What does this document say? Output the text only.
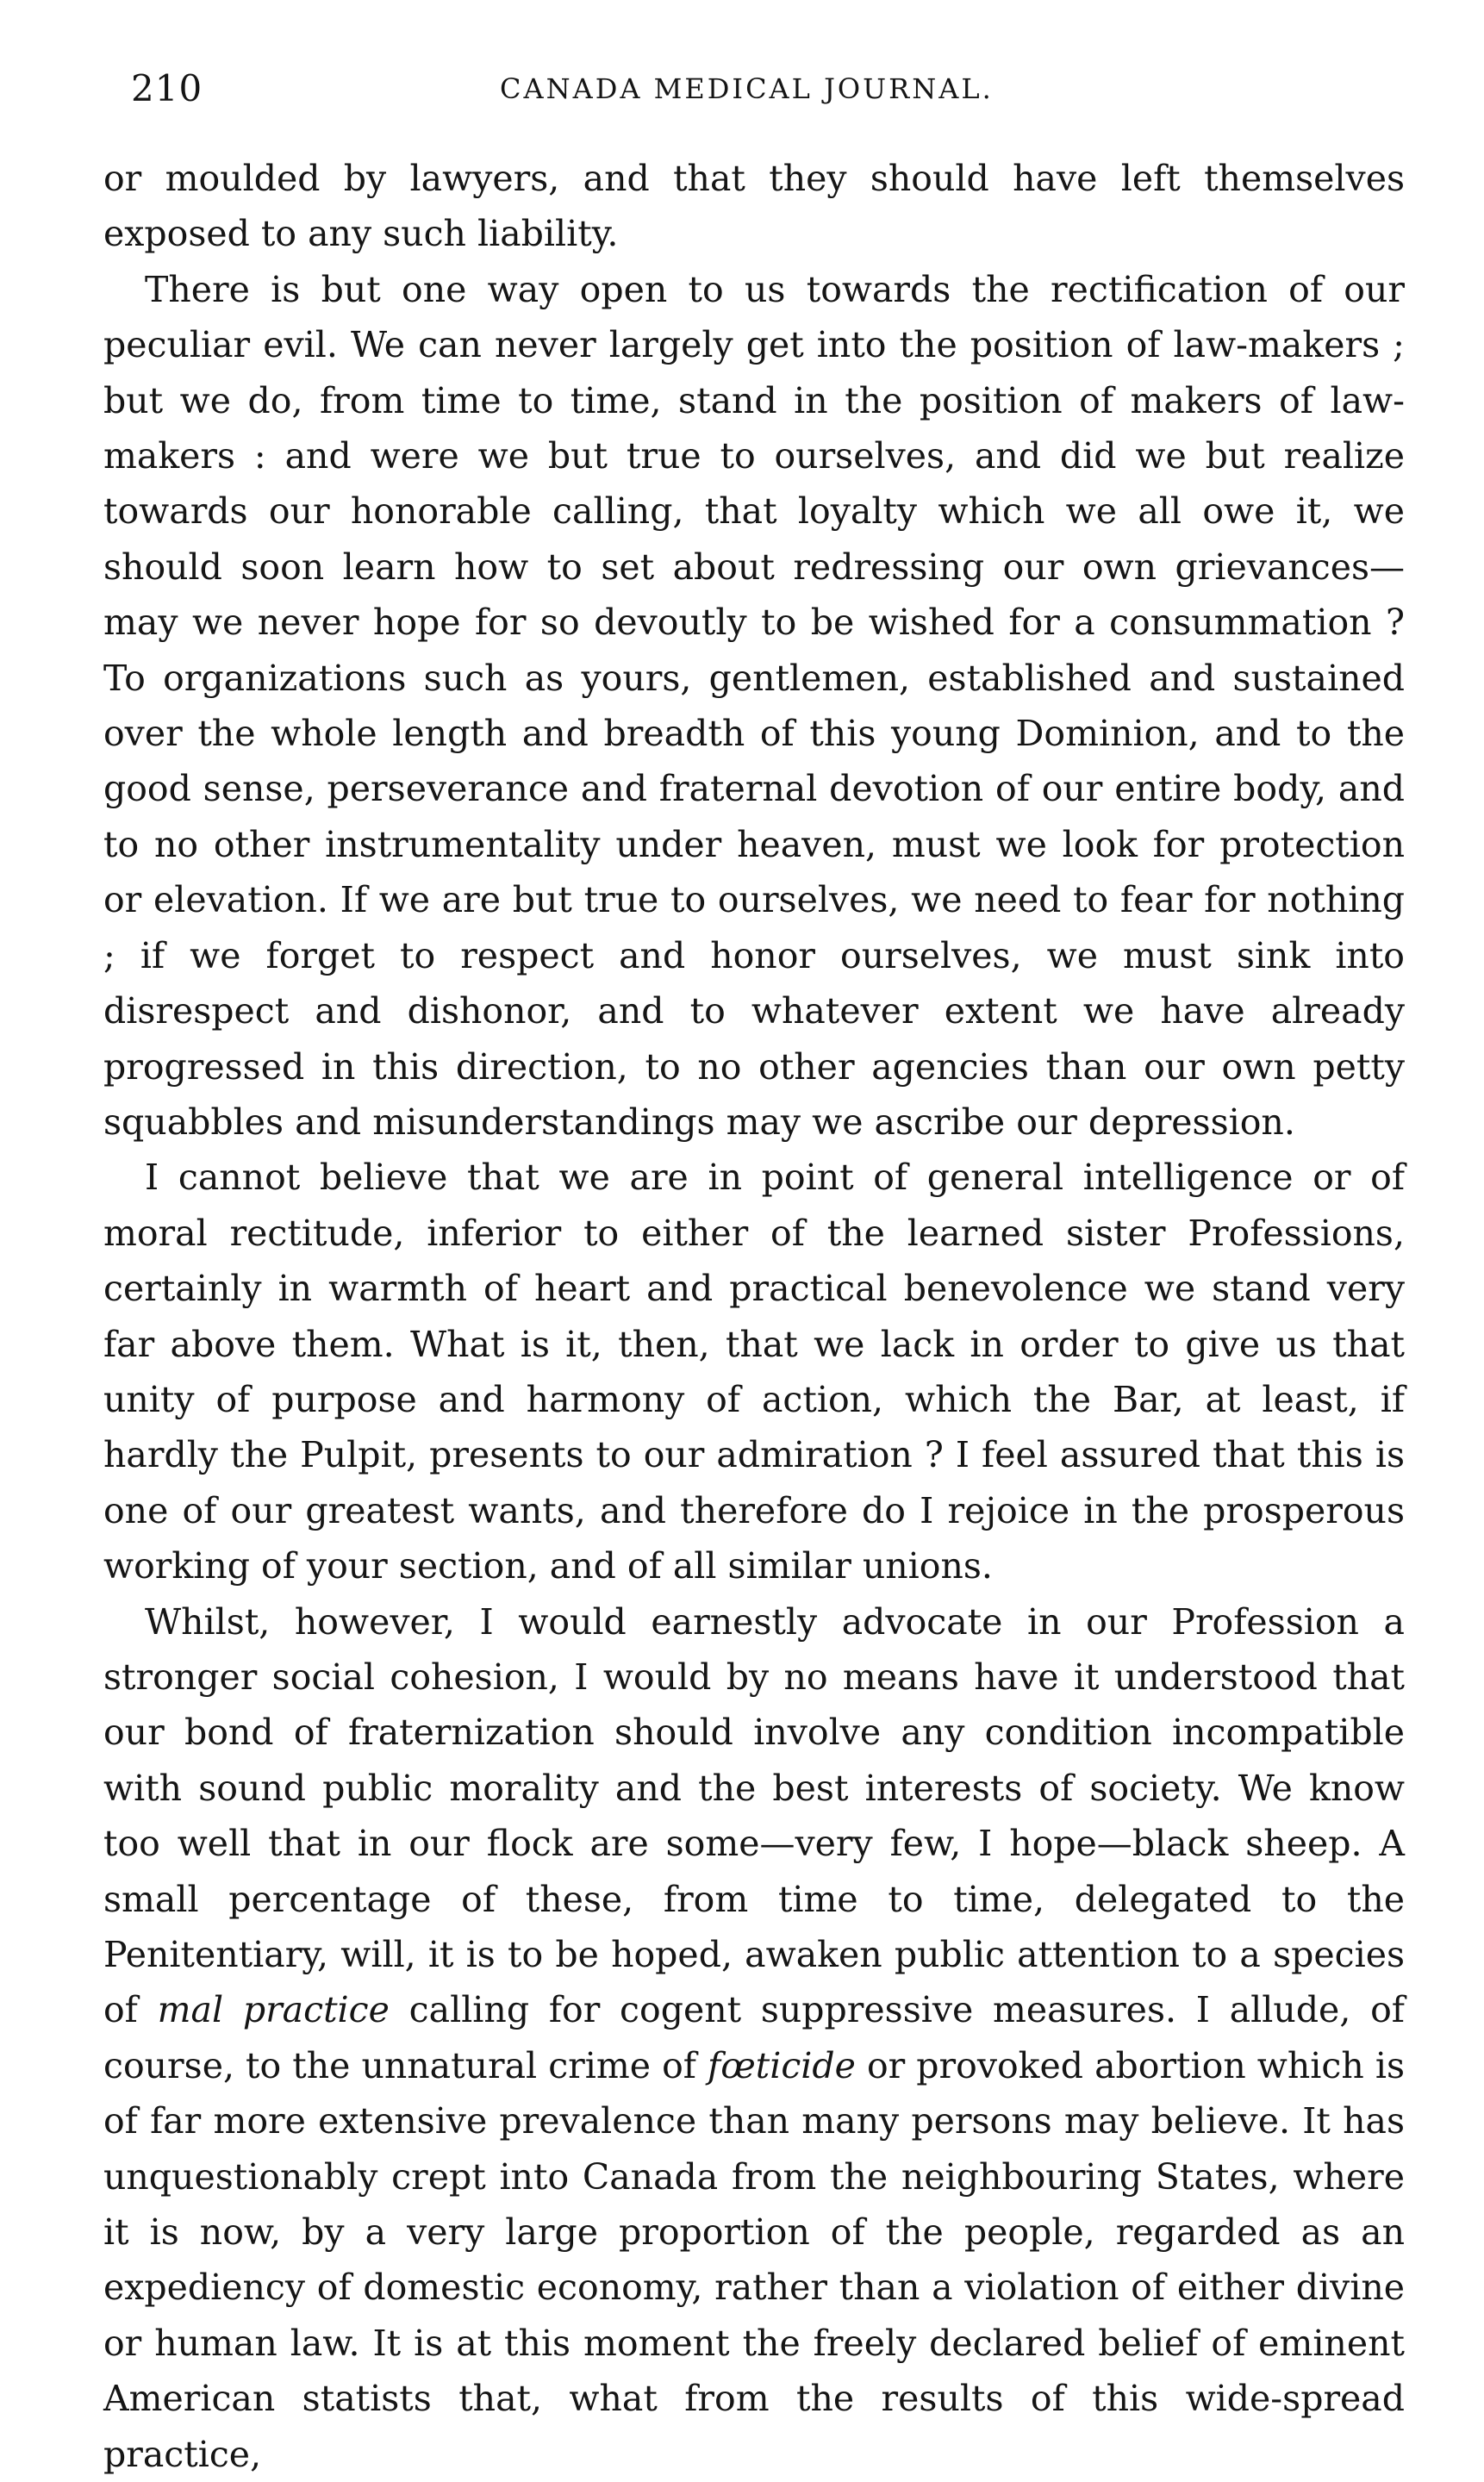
210	CANADA MEDICAL JOURNAL.

or moulded by lawyers, and that they should have left themselves exposed to any such liability.

There is but one way open to us towards the rectification of our peculiar evil. We can never largely get into the position of law-makers ; but we do, from time to time, stand in the position of makers of law-makers : and were we but true to ourselves, and did we but realize towards our honorable calling, that loyalty which we all owe it, we should soon learn how to set about redressing our own grievances—may we never hope for so devoutly to be wished for a consummation ? To organizations such as yours, gentlemen, established and sustained over the whole length and breadth of this young Dominion, and to the good sense, perseverance and fraternal devotion of our entire body, and to no other instrumentality under heaven, must we look for protection or elevation. If we are but true to ourselves, we need to fear for nothing ; if we forget to respect and honor ourselves, we must sink into disrespect and dishonor, and to whatever extent we have already progressed in this direction, to no other agencies than our own petty squabbles and misunderstandings may we ascribe our depression.

I cannot believe that we are in point of general intelligence or of moral rectitude, inferior to either of the learned sister Professions, certainly in warmth of heart and practical benevolence we stand very far above them. What is it, then, that we lack in order to give us that unity of purpose and harmony of action, which the Bar, at least, if hardly the Pulpit, presents to our admiration ? I feel assured that this is one of our greatest wants, and therefore do I rejoice in the prosperous working of your section, and of all similar unions.

Whilst, however, I would earnestly advocate in our Profession a stronger social cohesion, I would by no means have it understood that our bond of fraternization should involve any condition incompatible with sound public morality and the best interests of society. We know too well that in our flock are some—very few, I hope—black sheep. A small percentage of these, from time to time, delegated to the Penitentiary, will, it is to be hoped, awaken public attention to a species of mal practice calling for cogent suppressive measures. I allude, of course, to the unnatural crime of fœticide or provoked abortion which is of far more extensive prevalence than many persons may believe. It has unquestionably crept into Canada from the neighbouring States, where it is now, by a very large proportion of the people, regarded as an expediency of domestic economy, rather than a violation of either divine or human law. It is at this moment the freely declared belief of eminent American statists that, what from the results of this wide-spread practice,
